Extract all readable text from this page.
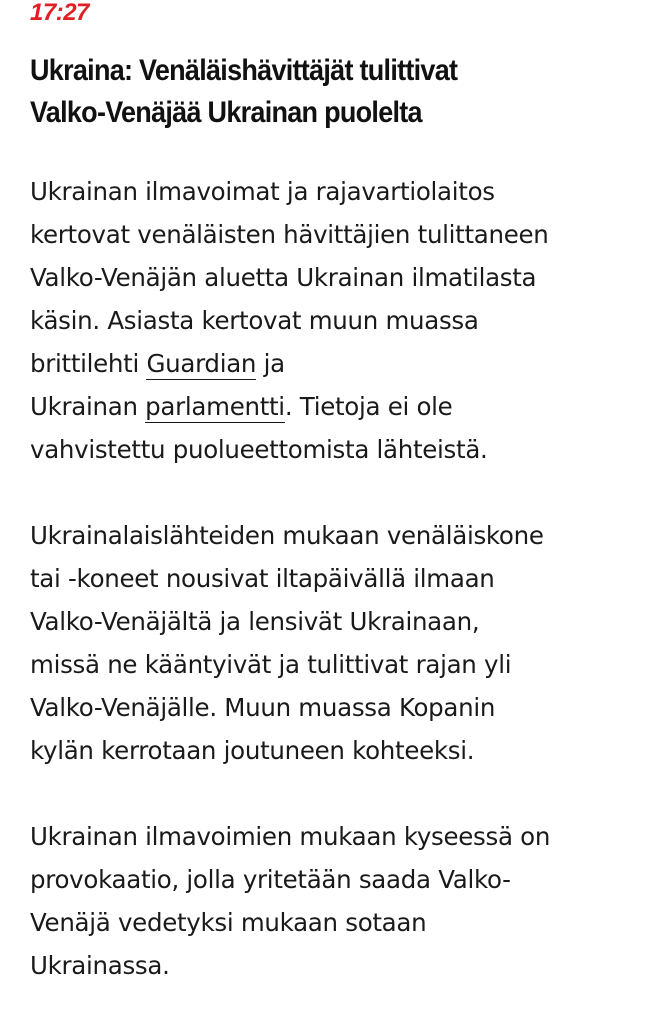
17:27
Ukraina: Venäläishävittäjät tulittivat
Valko-Venäjää Ukrainan puolelta

Ukrainan ilmavoimat ja rajavartiolaitos
kertovat venäläisten hävittäjien tulittaneen
Valko-Venäjän aluetta Ukrainan ilmatilasta
käsin. Asiasta kertovat muun muassa
brittilehti Guardian ja
Ukrainan parlamentti. Tietoja ei ole
vahvistettu puolueettomista lähteistä.

Ukrainalaislähteiden mukaan venäläiskone
tai -koneet nousivat iltapäivällä ilmaan
Valko-Venäjältä ja lensivät Ukrainaan,
missä ne kääntyivät ja tulittivat rajan yli
Valko-Venäjälle. Muun muassa Kopanin
kylän kerrotaan joutuneen kohteeksi.

Ukrainan ilmavoimien mukaan kyseessä on
provokaatio, jolla yritetään saada Valko-
Venäjä vedetyksi mukaan sotaan
Ukrainassa.
